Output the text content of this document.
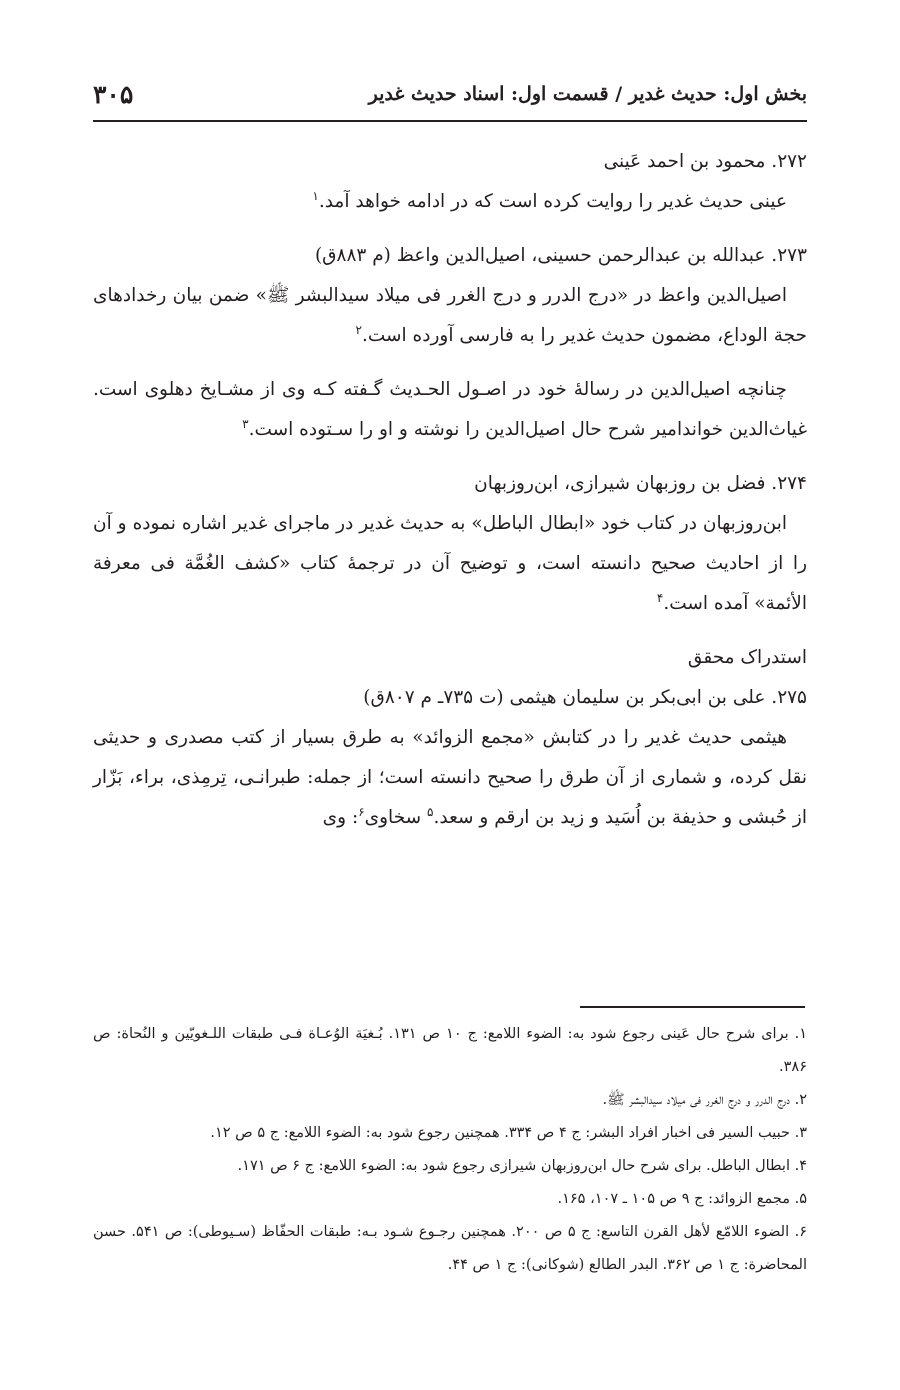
بخش اول: حدیث غدیر / قسمت اول: اسناد حدیث غدیر
۳۰۵

۲۷۲. محمود بن احمد عَینی

عینی حدیث غدیر را روایت کرده است که در ادامه خواهد آمد.$^۱$

۲۷۳. عبدالله بن عبدالرحمن حسینی، اصیل‌الدین واعظ (م ۸۸۳ق)

اصیل‌الدین واعظ در «درج الدرر و درج الغرر فی میلاد سیدالبشر ﷺ» ضمن بیان رخدادهای حجة الوداع، مضمون حدیث غدیر را به فارسی آورده است.$^۲$

چنانچه اصیل‌الدین در رسالهٔ خود در اصـول الحـدیث گـفته کـه وی از مشـایخ دهلوی است. غیاث‌الدین خواندامیر شرح حال اصیل‌الدین را نوشته و او را سـتوده است.$^۳$

۲۷۴. فضل بن روزبهان شیرازی، ابن‌روزبهان

ابن‌روزبهان در کتاب خود «ابطال الباطل» به حدیث غدیر در ماجرای غدیر اشاره نموده و آن را از احادیث صحیح دانسته است، و توضیح آن در ترجمهٔ کتاب «کشف الغُمَّة فی معرفة الأئمة» آمده است.$^۴$

استدراک محقق

۲۷۵. علی بن ابی‌بکر بن سلیمان هیثمی (ت ۷۳۵ـ م ۸۰۷ق)

هیثمی حدیث غدیر را در کتابش «مجمع الزوائد» به طرق بسیار از کتب مصدری و حدیثی نقل کرده، و شماری از آن طرق را صحیح دانسته است؛ از جمله: طبرانـی، تِرمِذی، براء، بَزّار از حُبشی و حذیفة بن اُسَید و زید بن ارقم و سعد.$^۵$ سخاوی$^۶$: وی

۱. برای شرح حال عَینی رجوع شود به: الضوء اللامع: ج ۱۰ ص ۱۳۱. بُـغیَة الوُعـاة فـی طبقات اللـغویّین و النُحاة: ص ۳۸۶.

۲. درج الدرر و درج الغرر فی میلاد سیدالبشر ﷺ.

۳. حبیب السیر فی اخبار افراد البشر: ج ۴ ص ۳۳۴. همچنین رجوع شود به: الضوء اللامع: ج ۵ ص ۱۲.

۴. ابطال الباطل. برای شرح حال ابن‌روزبهان شیرازی رجوع شود به: الضوء اللامع: ج ۶ ص ۱۷۱.

۵. مجمع الزوائد: ج ۹ ص ۱۰۵ ـ ۱۰۷، ۱۶۵.

۶. الضوء اللامّع لأهل القرن التاسع: ج ۵ ص ۲۰۰. همچنین رجـوع شـود بـه: طبقات الحفّاظ (سـیوطی): ص ۵۴۱. حسن المحاضرة: ج ۱ ص ۳۶۲. البدر الطالع (شوکانی): ج ۱ ص ۴۴.
